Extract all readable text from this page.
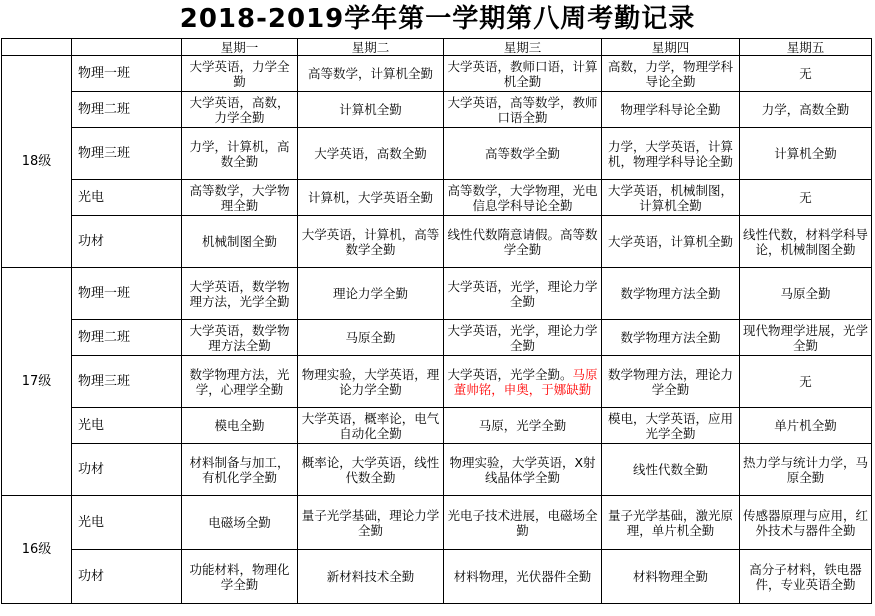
2018-2019学年第一学期第八周考勤记录
		星期一	星期二	星期三	星期四	星期五
18级	物理一班	大学英语，力学全勤	高等数学，计算机全勤	大学英语，教师口语，计算机全勤	高数，力学，物理学科导论全勤	无
	物理二班	大学英语，高数，力学全勤	计算机全勤	大学英语，高等数学，教师口语全勤	物理学科导论全勤	力学，高数全勤
	物理三班	力学，计算机，高数全勤	大学英语，高数全勤	高等数学全勤	力学，大学英语，计算机，物理学科导论全勤	计算机全勤
	光电	高等数学，大学物理全勤	计算机，大学英语全勤	高等数学，大学物理，光电信息学科导论全勤	大学英语，机械制图，计算机全勤	无
	功材	机械制图全勤	大学英语，计算机，高等数学全勤	线性代数隋意请假。高等数学全勤	大学英语，计算机全勤	线性代数，材料学科导论，机械制图全勤
17级	物理一班	大学英语，数学物理方法，光学全勤	理论力学全勤	大学英语，光学，理论力学全勤	数学物理方法全勤	马原全勤
	物理二班	大学英语，数学物理方法全勤	马原全勤	大学英语，光学，理论力学全勤	数学物理方法全勤	现代物理学进展，光学全勤
	物理三班	数学物理方法，光学，心理学全勤	物理实验，大学英语，理论力学全勤	大学英语，光学全勤。马原董帅铭，申奥，于娜缺勤	数学物理方法，理论力学全勤	无
	光电	模电全勤	大学英语，概率论，电气自动化全勤	马原，光学全勤	模电，大学英语，应用光学全勤	单片机全勤
	功材	材料制备与加工，有机化学全勤	概率论，大学英语，线性代数全勤	物理实验，大学英语，X射线晶体学全勤	线性代数全勤	热力学与统计力学，马原全勤
16级	光电	电磁场全勤	量子光学基础，理论力学全勤	光电子技术进展，电磁场全勤	量子光学基础，激光原理，单片机全勤	传感器原理与应用，红外技术与器件全勤
	功材	功能材料，物理化学全勤	新材料技术全勤	材料物理，光伏器件全勤	材料物理全勤	高分子材料，铁电器件，专业英语全勤
